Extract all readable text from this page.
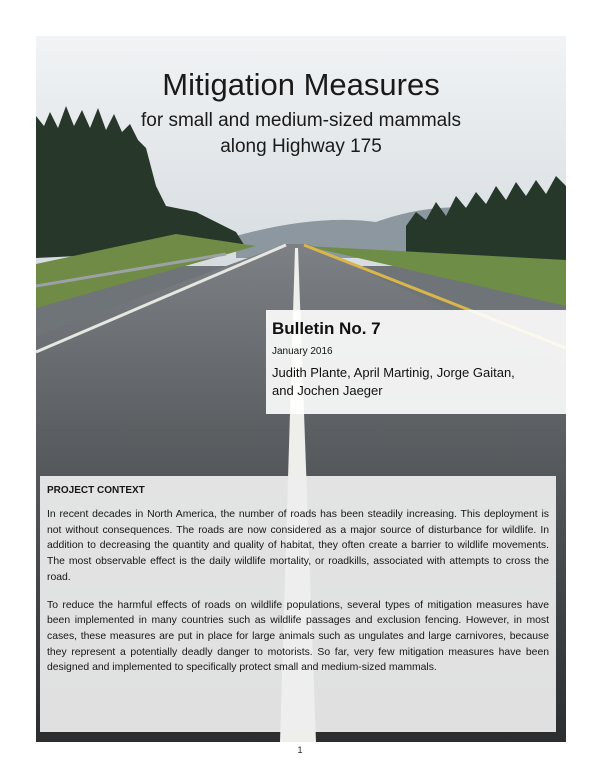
Mitigation Measures
for small and medium-sized mammals
along Highway 175
Bulletin No. 7
January 2016
Judith Plante, April Martinig, Jorge Gaitan,
and Jochen Jaeger
PROJECT CONTEXT

In recent decades in North America, the number of roads has been steadily increasing. This deployment is not without consequences. The roads are now considered as a major source of disturbance for wildlife. In addition to decreasing the quantity and quality of habitat, they often create a barrier to wildlife movements. The most observable effect is the daily wildlife mortality, or roadkills, associated with attempts to cross the road.

To reduce the harmful effects of roads on wildlife populations, several types of mitigation measures have been implemented in many countries such as wildlife passages and exclusion fencing. However, in most cases, these measures are put in place for large animals such as ungulates and large carnivores, because they represent a potentially deadly danger to motorists. So far, very few mitigation measures have been designed and implemented to specifically protect small and medium-sized mammals.

1
